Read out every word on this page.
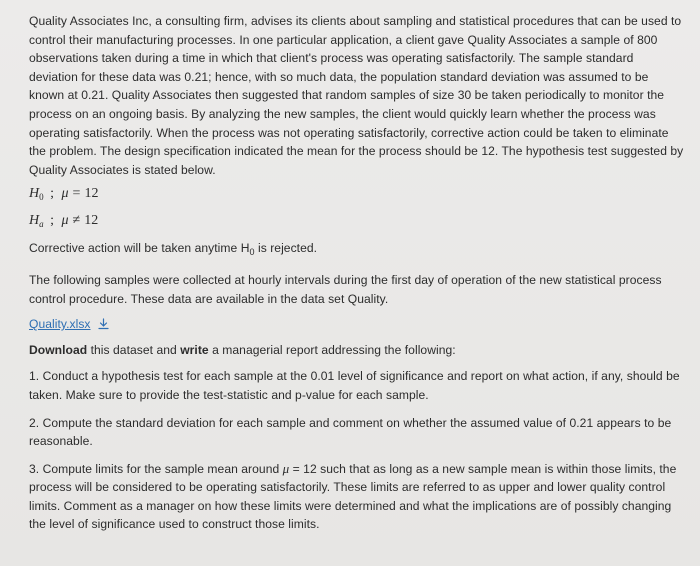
Quality Associates Inc, a consulting firm, advises its clients about sampling and statistical procedures that can be used to control their manufacturing processes. In one particular application, a client gave Quality Associates a sample of 800 observations taken during a time in which that client's process was operating satisfactorily. The sample standard deviation for these data was 0.21; hence, with so much data, the population standard deviation was assumed to be known at 0.21. Quality Associates then suggested that random samples of size 30 be taken periodically to monitor the process on an ongoing basis. By analyzing the new samples, the client would quickly learn whether the process was operating satisfactorily. When the process was not operating satisfactorily, corrective action could be taken to eliminate the problem. The design specification indicated the mean for the process should be 12. The hypothesis test suggested by Quality Associates is stated below.

$H_0$ ; μ = 12

$H_a$ ; μ ≠ 12

Corrective action will be taken anytime $H_0$ is rejected.

The following samples were collected at hourly intervals during the first day of operation of the new statistical process control procedure. These data are available in the data set Quality.

Quality.xlsx

Download this dataset and write a managerial report addressing the following:

1. Conduct a hypothesis test for each sample at the 0.01 level of significance and report on what action, if any, should be taken. Make sure to provide the test-statistic and p-value for each sample.

2. Compute the standard deviation for each sample and comment on whether the assumed value of 0.21 appears to be reasonable.

3. Compute limits for the sample mean around μ = 12 such that as long as a new sample mean is within those limits, the process will be considered to be operating satisfactorily. These limits are referred to as upper and lower quality control limits. Comment as a manager on how these limits were determined and what the implications are of possibly changing the level of significance used to construct those limits.
